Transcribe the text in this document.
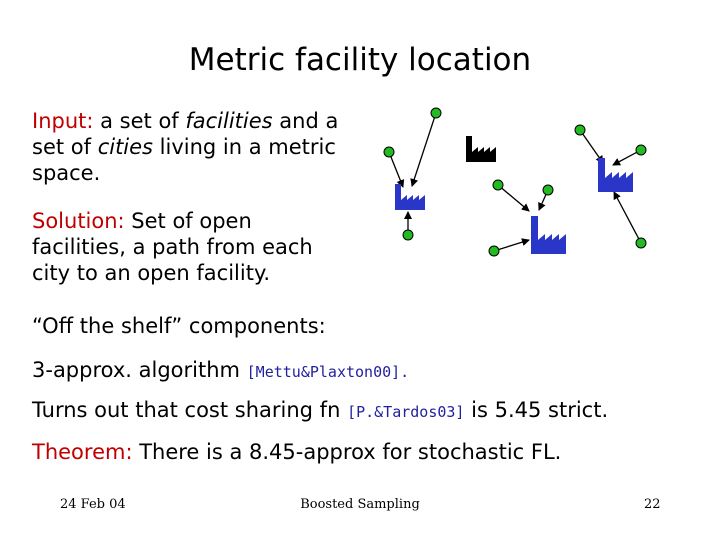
Metric facility location
Input: a set of facilities and a set of cities living in a metric space.
Solution: Set of open facilities, a path from each city to an open facility.
“Off the shelf” components:
3-approx. algorithm [Mettu&Plaxton00].
Turns out that cost sharing fn [P.&Tardos03] is 5.45 strict.
Theorem: There is a 8.45-approx for stochastic FL.
24 Feb 04	Boosted Sampling	22
